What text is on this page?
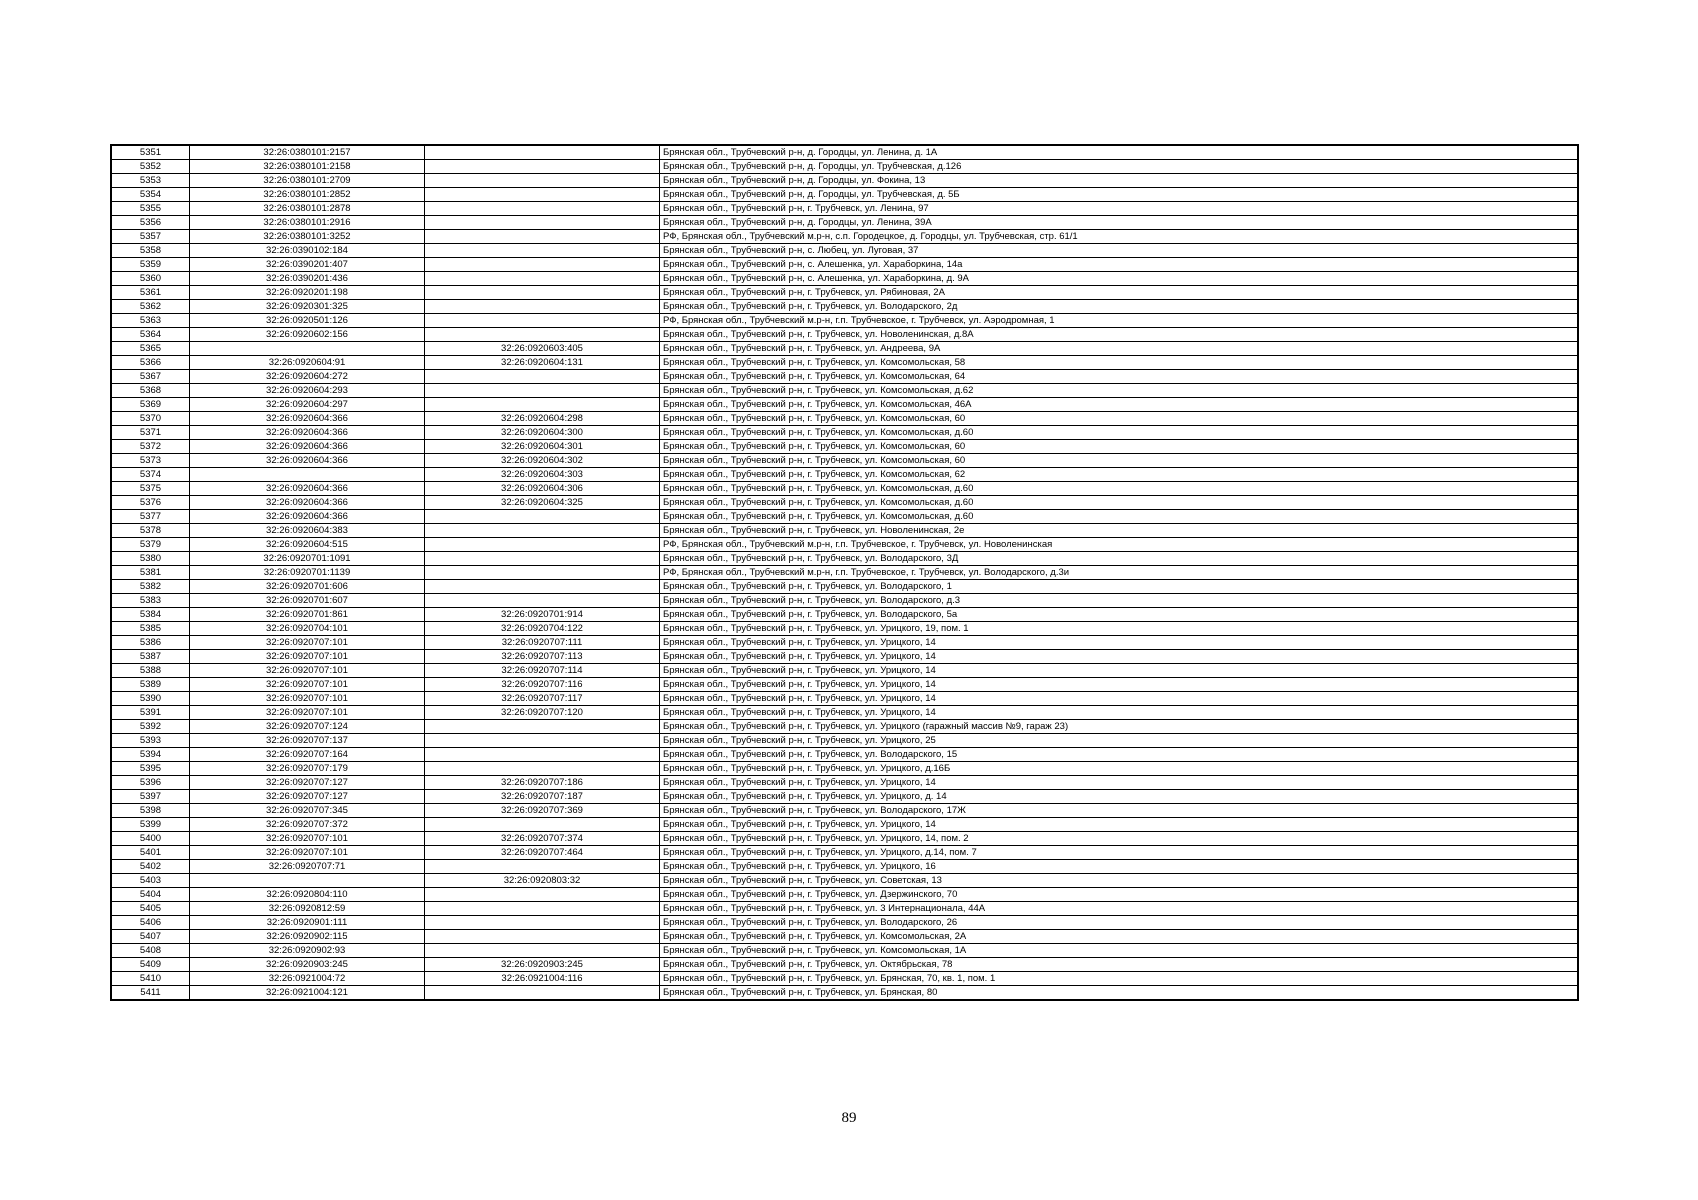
5351	32:26:0380101:2157		Брянская обл., Трубчевский р-н, д. Городцы, ул. Ленина, д. 1А
5352	32:26:0380101:2158		Брянская обл., Трубчевский р-н, д. Городцы, ул. Трубчевская, д.126
5353	32:26:0380101:2709		Брянская обл., Трубчевский р-н, д. Городцы, ул. Фокина, 13
5354	32:26:0380101:2852		Брянская обл., Трубчевский р-н, д. Городцы, ул. Трубчевская, д. 5Б
5355	32:26:0380101:2878		Брянская обл., Трубчевский р-н, г. Трубчевск, ул. Ленина, 97
5356	32:26:0380101:2916		Брянская обл., Трубчевский р-н, д. Городцы, ул. Ленина, 39А
5357	32:26:0380101:3252		РФ, Брянская обл., Трубчевский м.р-н, с.п. Городецкое, д. Городцы, ул. Трубчевская, стр. 61/1
5358	32:26:0390102:184		Брянская обл., Трубчевский р-н, с. Любец, ул. Луговая, 37
5359	32:26:0390201:407		Брянская обл., Трубчевский р-н, с. Алешенка, ул. Хараборкина, 14а
5360	32:26:0390201:436		Брянская обл., Трубчевский р-н, с. Алешенка, ул. Хараборкина, д. 9А
5361	32:26:0920201:198		Брянская обл., Трубчевский р-н, г. Трубчевск, ул. Рябиновая, 2А
5362	32:26:0920301:325		Брянская обл., Трубчевский р-н, г. Трубчевск, ул. Володарского, 2д
5363	32:26:0920501:126		РФ, Брянская обл., Трубчевский м.р-н, г.п. Трубчевское, г. Трубчевск, ул. Аэродромная, 1
5364	32:26:0920602:156		Брянская обл., Трубчевский р-н, г. Трубчевск, ул. Новоленинская, д.8А
5365		32:26:0920603:405	Брянская обл., Трубчевский р-н, г. Трубчевск, ул. Андреева, 9А
5366	32:26:0920604:91	32:26:0920604:131	Брянская обл., Трубчевский р-н, г. Трубчевск, ул. Комсомольская, 58
5367	32:26:0920604:272		Брянская обл., Трубчевский р-н, г. Трубчевск, ул. Комсомольская, 64
5368	32:26:0920604:293		Брянская обл., Трубчевский р-н, г. Трубчевск, ул. Комсомольская, д.62
5369	32:26:0920604:297		Брянская обл., Трубчевский р-н, г. Трубчевск, ул. Комсомольская, 46А
5370	32:26:0920604:366	32:26:0920604:298	Брянская обл., Трубчевский р-н, г. Трубчевск, ул. Комсомольская, 60
5371	32:26:0920604:366	32:26:0920604:300	Брянская обл., Трубчевский р-н, г. Трубчевск, ул. Комсомольская, д.60
5372	32:26:0920604:366	32:26:0920604:301	Брянская обл., Трубчевский р-н, г. Трубчевск, ул. Комсомольская, 60
5373	32:26:0920604:366	32:26:0920604:302	Брянская обл., Трубчевский р-н, г. Трубчевск, ул. Комсомольская, 60
5374		32:26:0920604:303	Брянская обл., Трубчевский р-н, г. Трубчевск, ул. Комсомольская, 62
5375	32:26:0920604:366	32:26:0920604:306	Брянская обл., Трубчевский р-н, г. Трубчевск, ул. Комсомольская, д.60
5376	32:26:0920604:366	32:26:0920604:325	Брянская обл., Трубчевский р-н, г. Трубчевск, ул. Комсомольская, д.60
5377	32:26:0920604:366		Брянская обл., Трубчевский р-н, г. Трубчевск, ул. Комсомольская, д.60
5378	32:26:0920604:383		Брянская обл., Трубчевский р-н, г. Трубчевск, ул. Новоленинская, 2е
5379	32:26:0920604:515		РФ, Брянская обл., Трубчевский м.р-н, г.п. Трубчевское, г. Трубчевск, ул. Новоленинская
5380	32:26:0920701:1091		Брянская обл., Трубчевский р-н, г. Трубчевск, ул. Володарского, 3Д
5381	32:26:0920701:1139		РФ, Брянская обл., Трубчевский м.р-н, г.п. Трубчевское, г. Трубчевск, ул. Володарского, д.3и
5382	32:26:0920701:606		Брянская обл., Трубчевский р-н, г. Трубчевск, ул. Володарского, 1
5383	32:26:0920701:607		Брянская обл., Трубчевский р-н, г. Трубчевск, ул. Володарского, д.3
5384	32:26:0920701:861	32:26:0920701:914	Брянская обл., Трубчевский р-н, г. Трубчевск, ул. Володарского, 5а
5385	32:26:0920704:101	32:26:0920704:122	Брянская обл., Трубчевский р-н, г. Трубчевск, ул. Урицкого, 19, пом. 1
5386	32:26:0920707:101	32:26:0920707:111	Брянская обл., Трубчевский р-н, г. Трубчевск, ул. Урицкого, 14
5387	32:26:0920707:101	32:26:0920707:113	Брянская обл., Трубчевский р-н, г. Трубчевск, ул. Урицкого, 14
5388	32:26:0920707:101	32:26:0920707:114	Брянская обл., Трубчевский р-н, г. Трубчевск, ул. Урицкого, 14
5389	32:26:0920707:101	32:26:0920707:116	Брянская обл., Трубчевский р-н, г. Трубчевск, ул. Урицкого, 14
5390	32:26:0920707:101	32:26:0920707:117	Брянская обл., Трубчевский р-н, г. Трубчевск, ул. Урицкого, 14
5391	32:26:0920707:101	32:26:0920707:120	Брянская обл., Трубчевский р-н, г. Трубчевск, ул. Урицкого, 14
5392	32:26:0920707:124		Брянская обл., Трубчевский р-н, г. Трубчевск, ул. Урицкого (гаражный массив №9, гараж 23)
5393	32:26:0920707:137		Брянская обл., Трубчевский р-н, г. Трубчевск, ул. Урицкого, 25
5394	32:26:0920707:164		Брянская обл., Трубчевский р-н, г. Трубчевск, ул. Володарского, 15
5395	32:26:0920707:179		Брянская обл., Трубчевский р-н, г. Трубчевск, ул. Урицкого, д.16Б
5396	32:26:0920707:127	32:26:0920707:186	Брянская обл., Трубчевский р-н, г. Трубчевск, ул. Урицкого, 14
5397	32:26:0920707:127	32:26:0920707:187	Брянская обл., Трубчевский р-н, г. Трубчевск, ул. Урицкого, д. 14
5398	32:26:0920707:345	32:26:0920707:369	Брянская обл., Трубчевский р-н, г. Трубчевск, ул. Володарского, 17Ж
5399	32:26:0920707:372		Брянская обл., Трубчевский р-н, г. Трубчевск, ул. Урицкого, 14
5400	32:26:0920707:101	32:26:0920707:374	Брянская обл., Трубчевский р-н, г. Трубчевск, ул. Урицкого, 14, пом. 2
5401	32:26:0920707:101	32:26:0920707:464	Брянская обл., Трубчевский р-н, г. Трубчевск, ул. Урицкого, д.14, пом. 7
5402	32:26:0920707:71		Брянская обл., Трубчевский р-н, г. Трубчевск, ул. Урицкого, 16
5403		32:26:0920803:32	Брянская обл., Трубчевский р-н, г. Трубчевск, ул. Советская, 13
5404	32:26:0920804:110		Брянская обл., Трубчевский р-н, г. Трубчевск, ул. Дзержинского, 70
5405	32:26:0920812:59		Брянская обл., Трубчевский р-н, г. Трубчевск, ул. 3 Интернационала, 44А
5406	32:26:0920901:111		Брянская обл., Трубчевский р-н, г. Трубчевск, ул. Володарского, 26
5407	32:26:0920902:115		Брянская обл., Трубчевский р-н, г. Трубчевск, ул. Комсомольская, 2А
5408	32:26:0920902:93		Брянская обл., Трубчевский р-н, г. Трубчевск, ул. Комсомольская, 1А
5409	32:26:0920903:245	32:26:0920903:245	Брянская обл., Трубчевский р-н, г. Трубчевск, ул. Октябрьская, 78
5410	32:26:0921004:72	32:26:0921004:116	Брянская обл., Трубчевский р-н, г. Трубчевск, ул. Брянская, 70, кв. 1, пом. 1
5411	32:26:0921004:121		Брянская обл., Трубчевский р-н, г. Трубчевск, ул. Брянская, 80
89
